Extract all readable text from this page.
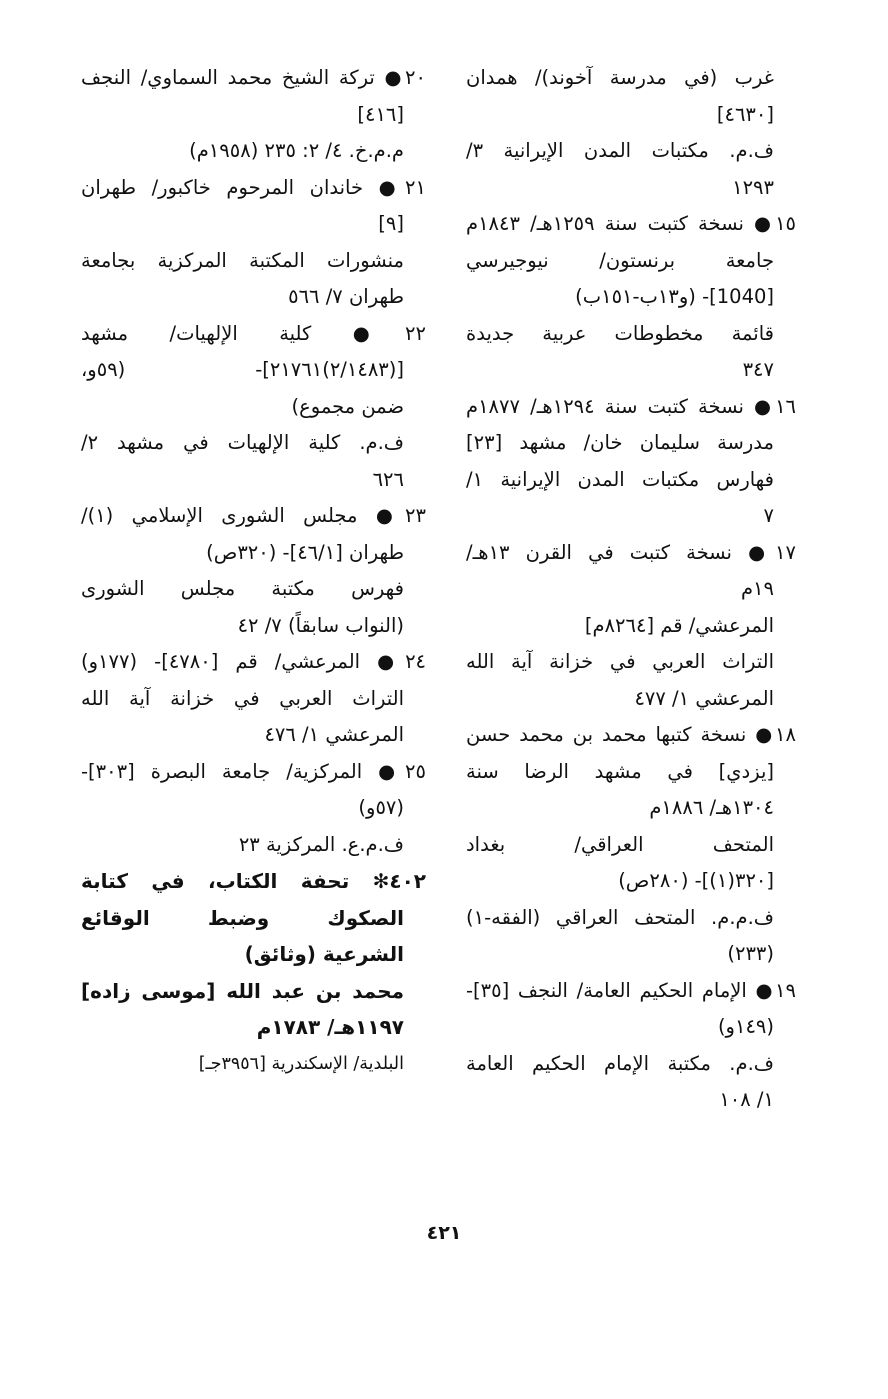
غرب (في مدرسة آخوند)/ همدان
[٤٦٣٠]
ف.م. مكتبات المدن الإيرانية ٣/
١٢٩٣
١٥● نسخة كتبت سنة ١٢٥٩هـ/ ١٨٤٣م
جامعة برنستون/ نيوجيرسي
[1040]- (و١٣ب-١٥١ب)
قائمة مخطوطات عربية جديدة
٣٤٧
١٦● نسخة كتبت سنة ١٢٩٤هـ/ ١٨٧٧م
مدرسة سليمان خان/ مشهد [٢٣]
فهارس مكتبات المدن الإيرانية ١/
٧
١٧● نسخة كتبت في القرن ١٣هـ/
١٩م
المرعشي/ قم [٨٢٦٤م]
التراث العربي في خزانة آية الله
المرعشي ١/ ٤٧٧
١٨● نسخة كتبها محمد بن محمد حسن
[يزدي] في مشهد الرضا سنة
١٣٠٤هـ/ ١٨٨٦م
المتحف العراقي/ بغداد
[٣٢٠(١)]- (٢٨٠ص)
ف.م.م. المتحف العراقي (الفقه-١)
(٢٣٣)
١٩● الإمام الحكيم العامة/ النجف [٣٥]-
(١٤٩و)
ف.م. مكتبة الإمام الحكيم العامة
١/ ١٠٨
٢٠● تركة الشيخ محمد السماوي/ النجف
[٤١٦]
م.م.خ. ٤/ ٢: ٢٣٥ (١٩٥٨م)
٢١● خاندان المرحوم خاكبور/ طهران
[٩]
منشورات المكتبة المركزية بجامعة
طهران ٧/ ٥٦٦
٢٢● كلية الإلهيات/ مشهد
[(٢/١٤٨٣)٢١٧٦١]- (٥٩و،
ضمن مجموع)
ف.م. كلية الإلهيات في مشهد ٢/
٦٢٦
٢٣● مجلس الشورى الإسلامي (١)/
طهران [٤٦/١]- (٣٢٠ص)
فهرس مكتبة مجلس الشورى
(النواب سابقاً) ٧/ ٤٢
٢٤● المرعشي/ قم [٤٧٨٠]- (١٧٧و)
التراث العربي في خزانة آية الله
المرعشي ١/ ٤٧٦
٢٥● المركزية/ جامعة البصرة [٣٠٣]-
(٥٧و)
ف.م.ع. المركزية ٢٣
٤٠٢✻ تحفة الكتاب، في كتابة
الصكوك وضبط الوقائع
الشرعية (وثائق)
محمد بن عبد الله [موسى زاده]
١١٩٧هـ/ ١٧٨٣م
البلدية/ الإسكندرية [٣٩٥٦جـ]
٤٢١
